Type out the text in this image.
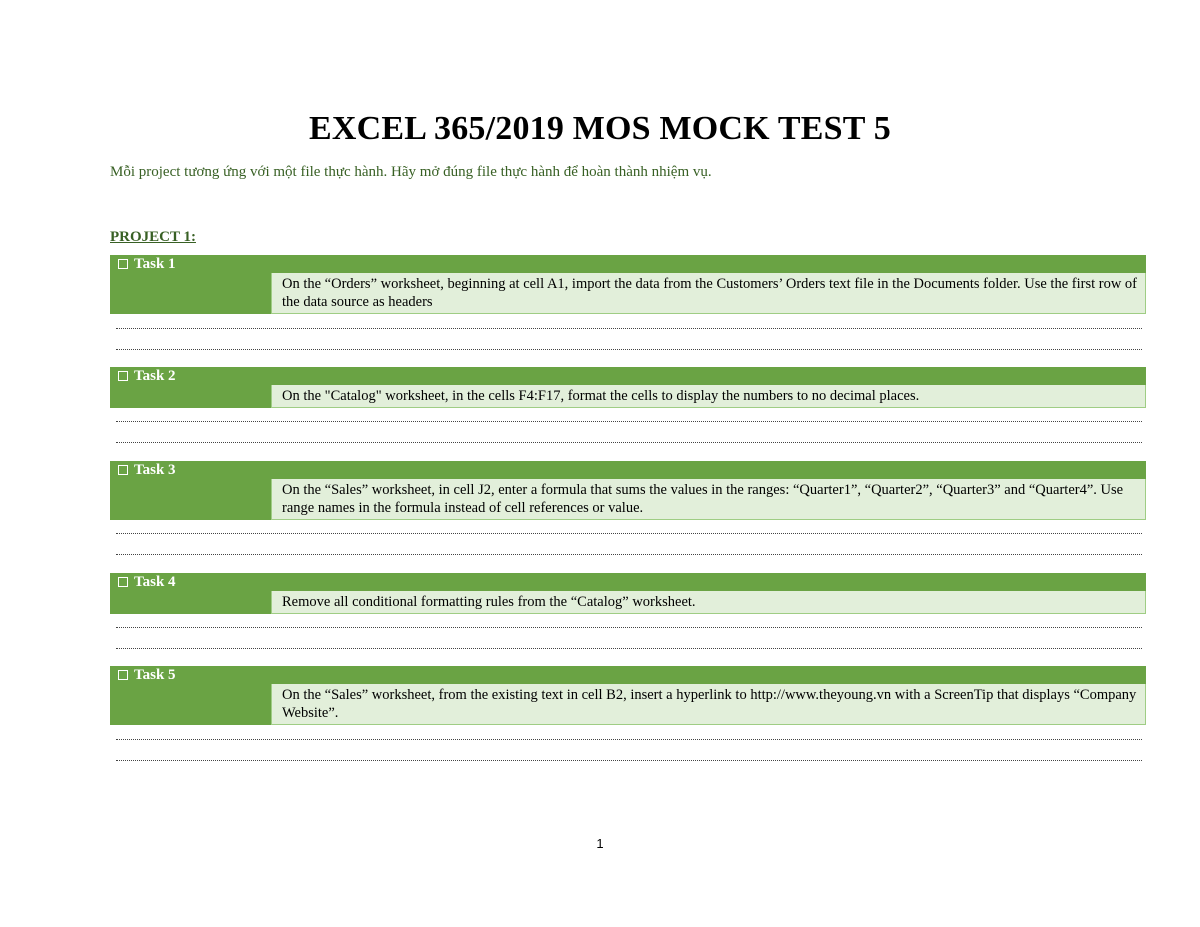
EXCEL 365/2019 MOS MOCK TEST 5
Mỗi project tương ứng với một file thực hành. Hãy mở đúng file thực hành để hoàn thành nhiệm vụ.
PROJECT 1:
Task 1
On the “Orders” worksheet, beginning at cell A1, import the data from the Customers’ Orders text file in the Documents folder. Use the first row of the data source as headers
Task 2
On the "Catalog" worksheet, in the cells F4:F17, format the cells to display the numbers to no decimal places.
Task 3
On the “Sales” worksheet, in cell J2, enter a formula that sums the values in the ranges: “Quarter1”, “Quarter2”, “Quarter3” and “Quarter4”. Use range names in the formula instead of cell references or value.
Task 4
Remove all conditional formatting rules from the “Catalog” worksheet.
Task 5
On the “Sales” worksheet, from the existing text in cell B2, insert a hyperlink to http://www.theyoung.vn with a ScreenTip that displays “Company Website”.
1
